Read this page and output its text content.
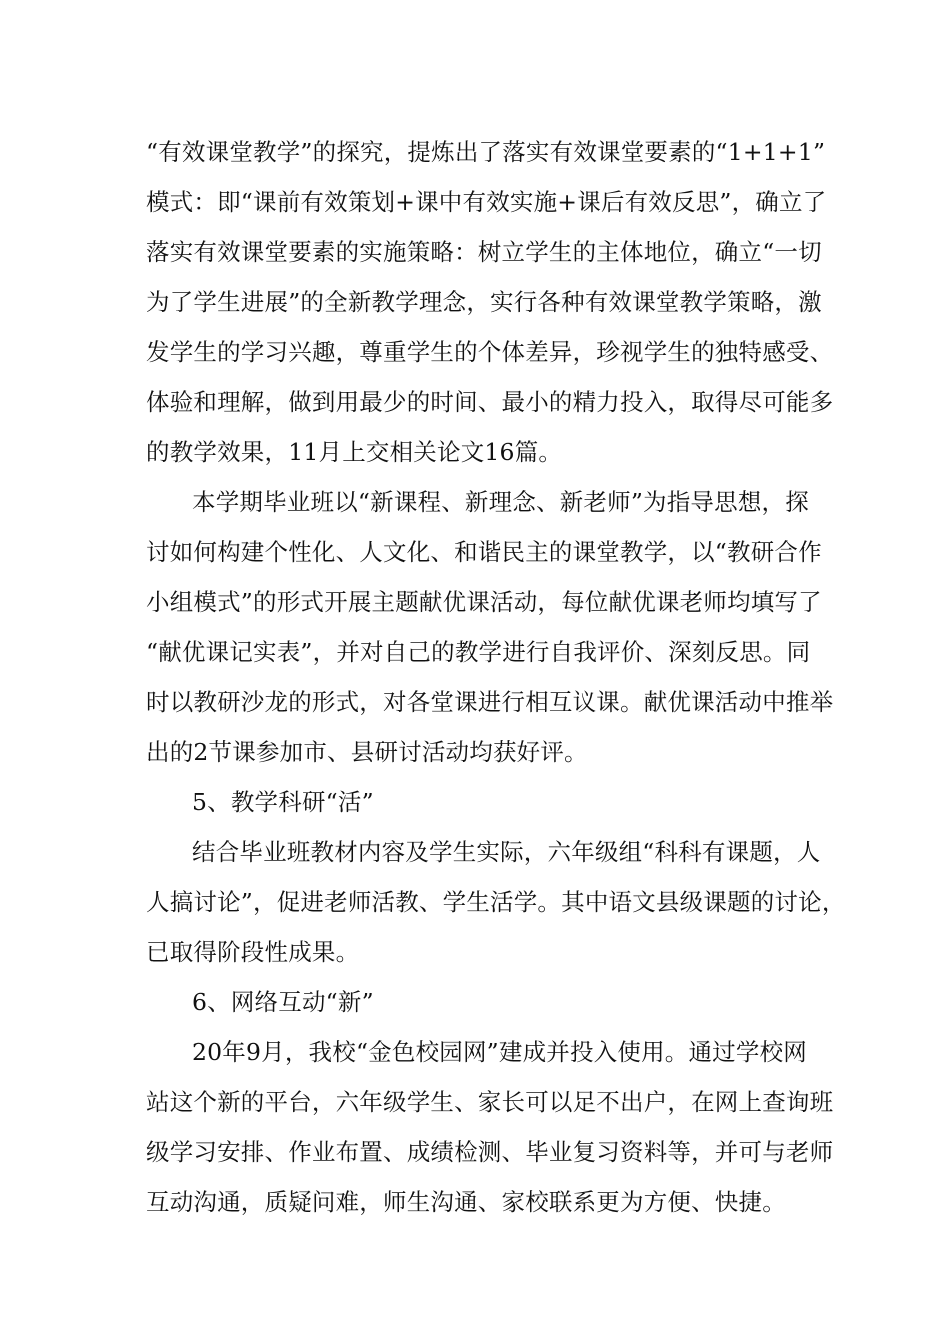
“有效课堂教学”的探究，提炼出了落实有效课堂要素的“1+1+1”
模式：即“课前有效策划+课中有效实施+课后有效反思”，确立了
落实有效课堂要素的实施策略：树立学生的主体地位，确立“一切
为了学生进展”的全新教学理念，实行各种有效课堂教学策略，激
发学生的学习兴趣，尊重学生的个体差异，珍视学生的独特感受、
体验和理解，做到用最少的时间、最小的精力投入，取得尽可能多
的教学效果，11月上交相关论文16篇。
本学期毕业班以“新课程、新理念、新老师”为指导思想，探
讨如何构建个性化、人文化、和谐民主的课堂教学，以“教研合作
小组模式”的形式开展主题献优课活动，每位献优课老师均填写了
“献优课记实表”，并对自己的教学进行自我评价、深刻反思。同
时以教研沙龙的形式，对各堂课进行相互议课。献优课活动中推举
出的2节课参加市、县研讨活动均获好评。
5、教学科研“活”
结合毕业班教材内容及学生实际，六年级组“科科有课题，人
人搞讨论”，促进老师活教、学生活学。其中语文县级课题的讨论，
已取得阶段性成果。
6、网络互动“新”
20年9月，我校“金色校园网”建成并投入使用。通过学校网
站这个新的平台，六年级学生、家长可以足不出户，在网上查询班
级学习安排、作业布置、成绩检测、毕业复习资料等，并可与老师
互动沟通，质疑问难，师生沟通、家校联系更为方便、快捷。
